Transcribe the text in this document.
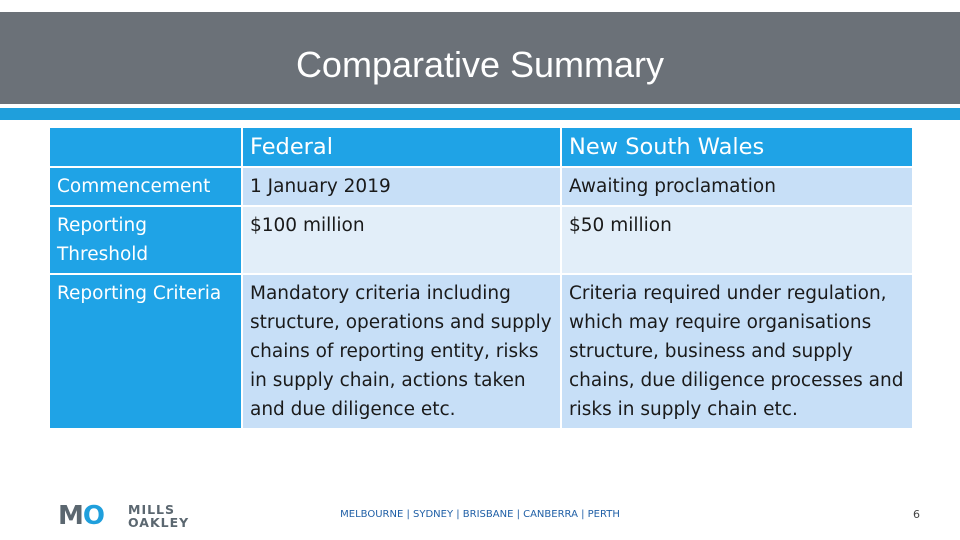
Comparative Summary
	Federal	New South Wales
Commencement	1 January 2019	Awaiting proclamation
Reporting Threshold	$100 million	$50 million
Reporting Criteria	Mandatory criteria including structure, operations and supply chains of reporting entity, risks in supply chain, actions taken and due diligence etc.	Criteria required under regulation, which may require organisations structure, business and supply chains, due diligence processes and risks in supply chain etc.
MO MILLS
OAKLEY
MELBOURNE | SYDNEY | BRISBANE | CANBERRA | PERTH	6
